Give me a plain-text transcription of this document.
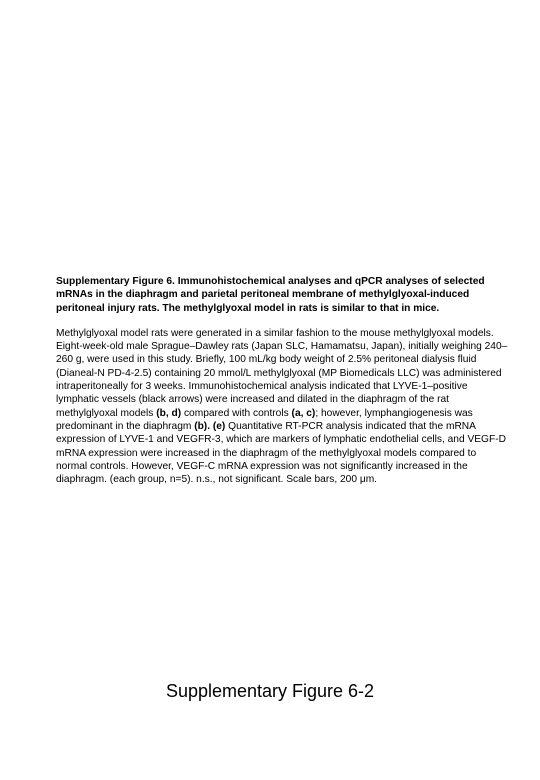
Supplementary Figure 6. Immunohistochemical analyses and qPCR analyses of selected mRNAs in the diaphragm and parietal peritoneal membrane of methylglyoxal-induced peritoneal injury rats. The methylglyoxal model in rats is similar to that in mice.

Methylglyoxal model rats were generated in a similar fashion to the mouse methylglyoxal models. Eight-week-old male Sprague–Dawley rats (Japan SLC, Hamamatsu, Japan), initially weighing 240–260 g, were used in this study. Briefly, 100 mL/kg body weight of 2.5% peritoneal dialysis fluid (Dianeal-N PD-4-2.5) containing 20 mmol/L methylglyoxal (MP Biomedicals LLC) was administered intraperitoneally for 3 weeks. Immunohistochemical analysis indicated that LYVE-1–positive lymphatic vessels (black arrows) were increased and dilated in the diaphragm of the rat methylglyoxal models (b, d) compared with controls (a, c); however, lymphangiogenesis was predominant in the diaphragm (b). (e) Quantitative RT-PCR analysis indicated that the mRNA expression of LYVE-1 and VEGFR-3, which are markers of lymphatic endothelial cells, and VEGF-D mRNA expression were increased in the diaphragm of the methylglyoxal models compared to normal controls. However, VEGF-C mRNA expression was not significantly increased in the diaphragm. (each group, n=5). n.s., not significant. Scale bars, 200 μm.

Supplementary Figure 6-2
